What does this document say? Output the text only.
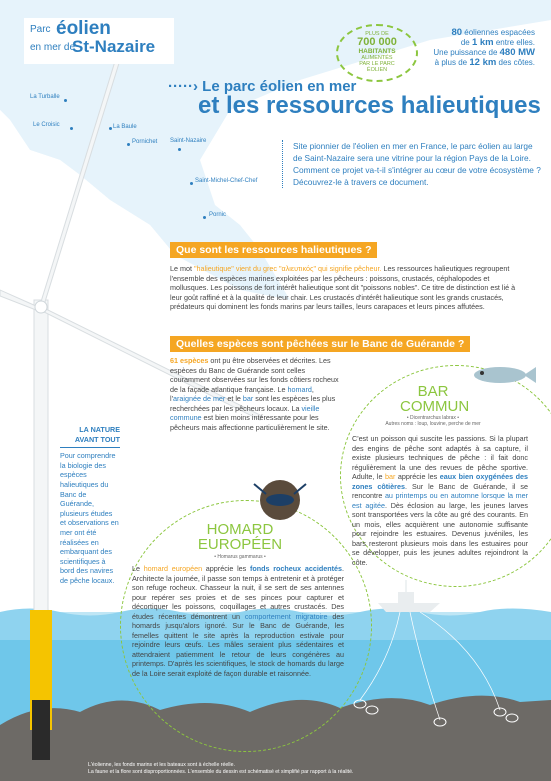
Parc éolien
en mer de
St-Nazaire
PLUS DE
700 000
HABITANTS
ALIMENTÉS
PAR LE PARC
ÉOLIEN
80 éoliennes espacées
de 1 km entre elles.
Une puissance de 480 MW
à plus de 12 km des côtes.
·····› Le parc éolien en mer
et les ressources halieutiques
La Turballe
Le Croisic	La Baule
Pornichet Saint-Nazaire
Saint-Michel-Chef-Chef
Pornic
Site pionnier de l'éolien en mer en France, le parc éolien au large de Saint-Nazaire sera une vitrine pour la région Pays de la Loire. Comment ce projet va-t-il s'intégrer au cœur de votre écosystème ? Découvrez-le à travers ce document.
Que sont les ressources halieutiques ?
Le mot "halieutique" vient du grec "αλιευτικός" qui signifie pêcheur. Les ressources halieutiques regroupent l'ensemble des espèces marines exploitées par les pêcheurs : poissons, crustacés, céphalopodes et mollusques. Les poissons de fort intérêt halieutique sont dit "poissons nobles". Ce titre de distinction est lié à leur goût raffiné et à la qualité de leur chair. Les crustacés d'intérêt halieutique sont les grands crustacés, prédateurs qui dominent les fonds marins par leurs tailles, leurs carapaces et leurs pinces affutées.
Quelles espèces sont pêchées sur le Banc de Guérande ?
61 espèces ont pu être observées et décrites. Les espèces du Banc de Guérande sont celles couramment observées sur les fonds côtiers rocheux de la façade atlantique française. Le homard, l'araignée de mer et le bar sont les espèces les plus recherchées par les pêcheurs locaux. La vieille commune est bien moins intéressante pour les pêcheurs mais affectionne particulièrement le site.
LA NATURE AVANT TOUT
Pour comprendre la biologie des espèces halieutiques du Banc de Guérande, plusieurs études et observations en mer ont été réalisées en embarquant des scientifiques à bord des navires de pêche locaux.
BAR
COMMUN
• Dicentrarchus labrax •
Autres noms : loup, louvine, perche de mer
C'est un poisson qui suscite les passions. Si la plupart des engins de pêche sont adaptés à sa capture, il existe plusieurs techniques de pêche : il fait donc régulièrement la une des revues de pêche sportive. Adulte, le bar apprécie les eaux bien oxygénées des zones côtières. Sur le Banc de Guérande, il se rencontre au printemps ou en automne lorsque la mer est agitée. Dès éclosion au large, les jeunes larves sont transportées vers la côte au gré des courants. En un mois, elles acquièrent une autonomie suffisante pour rejoindre les estuaires. Devenus juvéniles, les bars resteront plusieurs mois dans les estuaires pour se développer, puis les jeunes adultes rejoindront la côte.
HOMARD
EUROPÉEN
• Homarus gammarus •
Le homard européen apprécie les fonds rocheux accidentés. Architecte la journée, il passe son temps à entretenir et à protéger son refuge rocheux. Chasseur la nuit, il se sert de ses antennes pour repérer ses proies et de ses pinces pour capturer et décortiquer les poissons, coquillages et autres crustacés. Des études récentes démontrent un comportement migratoire des homards jusqu'alors ignoré. Sur le Banc de Guérande, les femelles quittent le site après la reproduction estivale pour rejoindre leurs œufs. Les mâles seraient plus sédentaires et attendraient patiemment le retour de leurs congénères au printemps. D'après les scientifiques, le stock de homards du large de la Loire serait exploité de façon durable et raisonnée.
L'éolienne, les fonds marins et les bateaux sont à échelle réelle.
La faune et la flore sont disproportionnées. L'ensemble du dessin est schématisé et simplifié par rapport à la réalité.
